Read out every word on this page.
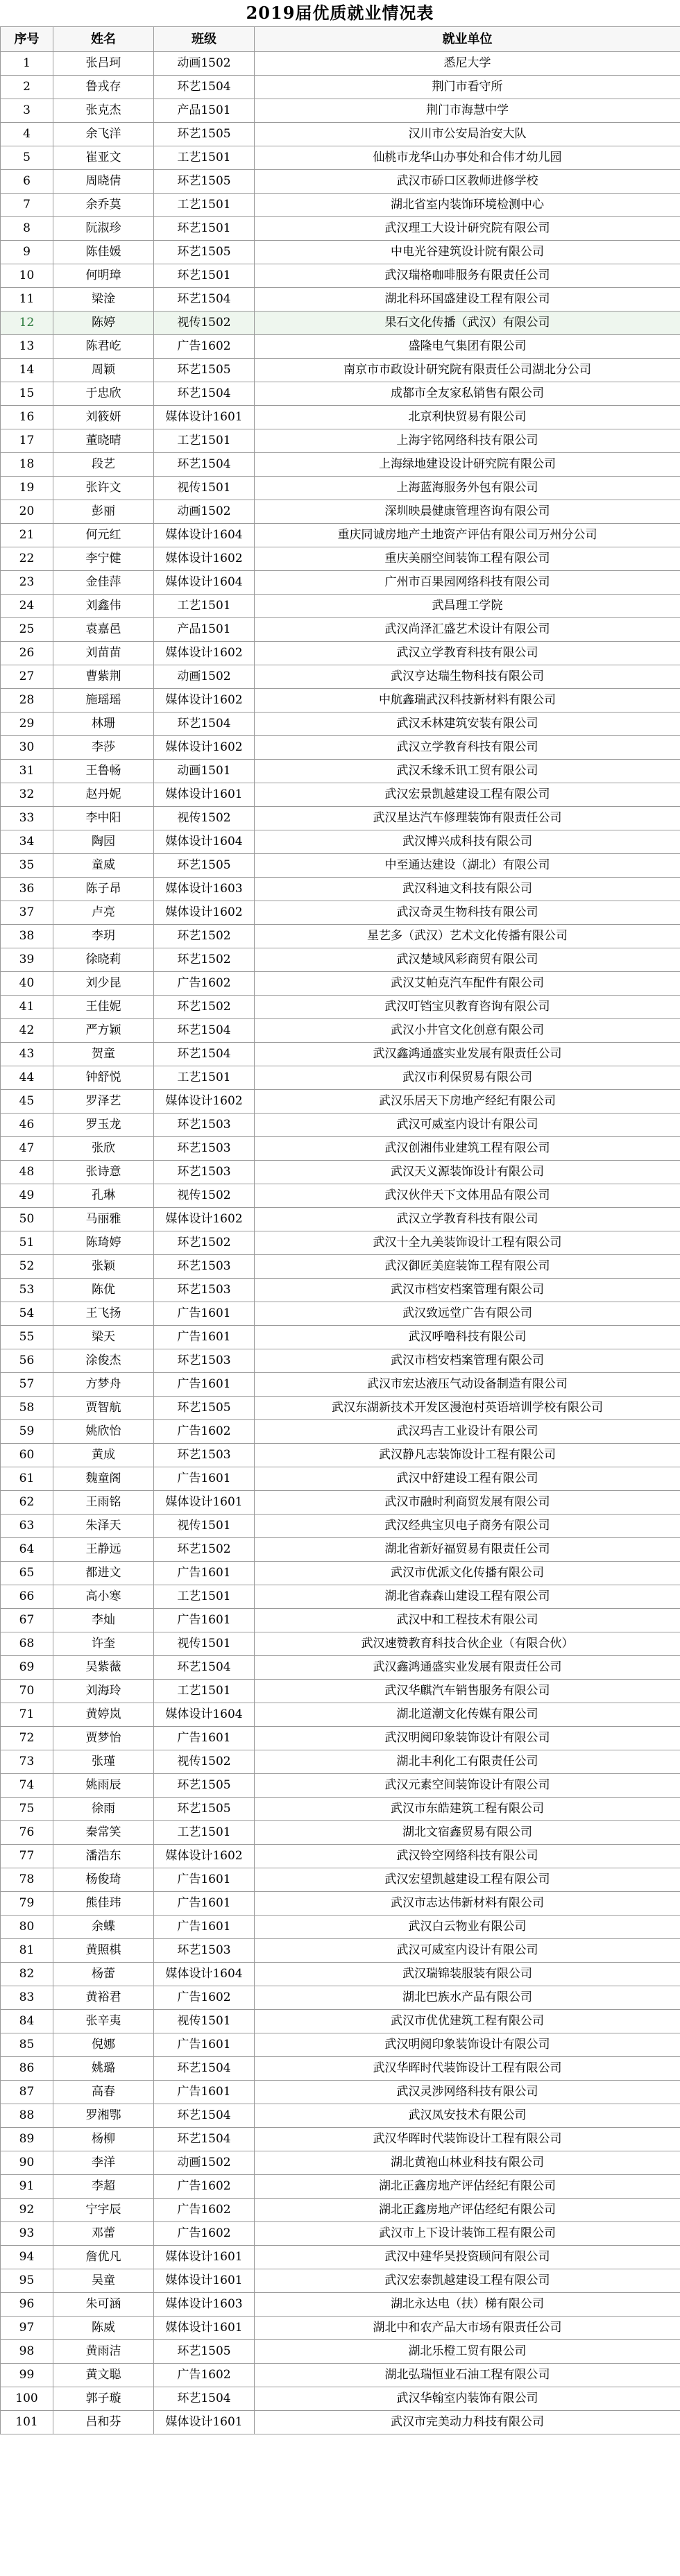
2019届优质就业情况表
序号	姓名	班级	就业单位
1	张吕珂	动画1502	悉尼大学
2	鲁戎存	环艺1504	荆门市看守所
3	张克杰	产品1501	荆门市海慧中学
4	余飞洋	环艺1505	汉川市公安局治安大队
5	崔亚文	工艺1501	仙桃市龙华山办事处和合伟才幼儿园
6	周晓倩	环艺1505	武汉市硚口区教师进修学校
7	余乔莫	工艺1501	湖北省室内装饰环境检测中心
8	阮淑珍	环艺1501	武汉理工大设计研究院有限公司
9	陈佳媛	环艺1505	中电光谷建筑设计院有限公司
10	何明璋	环艺1501	武汉瑞格咖啡服务有限责任公司
11	梁淦	环艺1504	湖北科环国盛建设工程有限公司
12	陈婷	视传1502	果石文化传播（武汉）有限公司
13	陈君屹	广告1602	盛隆电气集团有限公司
14	周颖	环艺1505	南京市市政设计研究院有限责任公司湖北分公司
15	于忠欣	环艺1504	成都市全友家私销售有限公司
16	刘筱妍	媒体设计1601	北京利快贸易有限公司
17	董晓晴	工艺1501	上海宇铭网络科技有限公司
18	段艺	环艺1504	上海绿地建设设计研究院有限公司
19	张许文	视传1501	上海蓝海服务外包有限公司
20	彭丽	动画1502	深圳映晨健康管理咨询有限公司
21	何元红	媒体设计1604	重庆同诚房地产土地资产评估有限公司万州分公司
22	李宁健	媒体设计1602	重庆美丽空间装饰工程有限公司
23	金佳萍	媒体设计1604	广州市百果园网络科技有限公司
24	刘鑫伟	工艺1501	武昌理工学院
25	袁嘉邑	产品1501	武汉尚泽汇盛艺术设计有限公司
26	刘苗苗	媒体设计1602	武汉立学教育科技有限公司
27	曹紫荆	动画1502	武汉亨达瑞生物科技有限公司
28	施瑶瑶	媒体设计1602	中航鑫瑞武汉科技新材料有限公司
29	林珊	环艺1504	武汉禾林建筑安装有限公司
30	李莎	媒体设计1602	武汉立学教育科技有限公司
31	王鲁畅	动画1501	武汉禾缘禾讯工贸有限公司
32	赵丹妮	媒体设计1601	武汉宏景凯越建设工程有限公司
33	李中阳	视传1502	武汉星达汽车修理装饰有限责任公司
34	陶园	媒体设计1604	武汉博兴成科技有限公司
35	童威	环艺1505	中至通达建设（湖北）有限公司
36	陈子昂	媒体设计1603	武汉科迪文科技有限公司
37	卢亮	媒体设计1602	武汉奇灵生物科技有限公司
38	李玥	环艺1502	星艺多（武汉）艺术文化传播有限公司
39	徐晓莉	环艺1502	武汉楚域风彩商贸有限公司
40	刘少昆	广告1602	武汉艾帕克汽车配件有限公司
41	王佳妮	环艺1502	武汉叮铛宝贝教育咨询有限公司
42	严方颖	环艺1504	武汉小井官文化创意有限公司
43	贺童	环艺1504	武汉鑫鸿通盛实业发展有限责任公司
44	钟舒悦	工艺1501	武汉市利保贸易有限公司
45	罗泽艺	媒体设计1602	武汉乐居天下房地产经纪有限公司
46	罗玉龙	环艺1503	武汉可威室内设计有限公司
47	张欣	环艺1503	武汉创湘伟业建筑工程有限公司
48	张诗意	环艺1503	武汉天义源装饰设计有限公司
49	孔琳	视传1502	武汉伙伴天下文体用品有限公司
50	马丽雅	媒体设计1602	武汉立学教育科技有限公司
51	陈琦婷	环艺1502	武汉十全九美装饰设计工程有限公司
52	张颖	环艺1503	武汉御匠美庭装饰工程有限公司
53	陈优	环艺1503	武汉市档安档案管理有限公司
54	王飞扬	广告1601	武汉致远堂广告有限公司
55	梁天	广告1601	武汉呼噜科技有限公司
56	涂俊杰	环艺1503	武汉市档安档案管理有限公司
57	方梦舟	广告1601	武汉市宏达液压气动设备制造有限公司
58	贾智航	环艺1505	武汉东湖新技术开发区漫泡村英语培训学校有限公司
59	姚欣怡	广告1602	武汉玛吉工业设计有限公司
60	黄成	环艺1503	武汉静凡志装饰设计工程有限公司
61	魏童阁	广告1601	武汉中舒建设工程有限公司
62	王雨铭	媒体设计1601	武汉市融时利商贸发展有限公司
63	朱泽天	视传1501	武汉经典宝贝电子商务有限公司
64	王静远	环艺1502	湖北省新好福贸易有限责任公司
65	都进文	广告1601	武汉市优派文化传播有限公司
66	高小寒	工艺1501	湖北省森森山建设工程有限公司
67	李灿	广告1601	武汉中和工程技术有限公司
68	许奎	视传1501	武汉速赞教育科技合伙企业（有限合伙）
69	吴紫薇	环艺1504	武汉鑫鸿通盛实业发展有限责任公司
70	刘海玲	工艺1501	武汉华麒汽车销售服务有限公司
71	黄婷岚	媒体设计1604	湖北道潮文化传媒有限公司
72	贾梦怡	广告1601	武汉明阅印象装饰设计有限公司
73	张瑾	视传1502	湖北丰利化工有限责任公司
74	姚雨辰	环艺1505	武汉元素空间装饰设计有限公司
75	徐雨	环艺1505	武汉市东皓建筑工程有限公司
76	秦常笑	工艺1501	湖北文宿鑫贸易有限公司
77	潘浩东	媒体设计1602	武汉铃空网络科技有限公司
78	杨俊琦	广告1601	武汉宏望凯越建设工程有限公司
79	熊佳玮	广告1601	武汉市志达伟新材料有限公司
80	余蝶	广告1601	武汉白云物业有限公司
81	黄照棋	环艺1503	武汉可威室内设计有限公司
82	杨蕾	媒体设计1604	武汉瑞锦装服装有限公司
83	黄裕君	广告1602	湖北巴族水产品有限公司
84	张辛夷	视传1501	武汉市优优建筑工程有限公司
85	倪娜	广告1601	武汉明阅印象装饰设计有限公司
86	姚璐	环艺1504	武汉华晖时代装饰设计工程有限公司
87	高春	广告1601	武汉灵涉网络科技有限公司
88	罗湘鄂	环艺1504	武汉凤安技术有限公司
89	杨柳	环艺1504	武汉华晖时代装饰设计工程有限公司
90	李洋	动画1502	湖北黄袍山林业科技有限公司
91	李超	广告1602	湖北正鑫房地产评估经纪有限公司
92	宁宇辰	广告1602	湖北正鑫房地产评估经纪有限公司
93	邓蕾	广告1602	武汉市上下设计装饰工程有限公司
94	詹优凡	媒体设计1601	武汉中建华昊投资顾问有限公司
95	吴童	媒体设计1601	武汉宏泰凯越建设工程有限公司
96	朱可涵	媒体设计1603	湖北永达电（扶）梯有限公司
97	陈威	媒体设计1601	湖北中和农产品大市场有限责任公司
98	黄雨洁	环艺1505	湖北乐橙工贸有限公司
99	黄文聪	广告1602	湖北弘瑞恒业石油工程有限公司
100	郭子璇	环艺1504	武汉华翰室内装饰有限公司
101	吕和芬	媒体设计1601	武汉市完美动力科技有限公司
